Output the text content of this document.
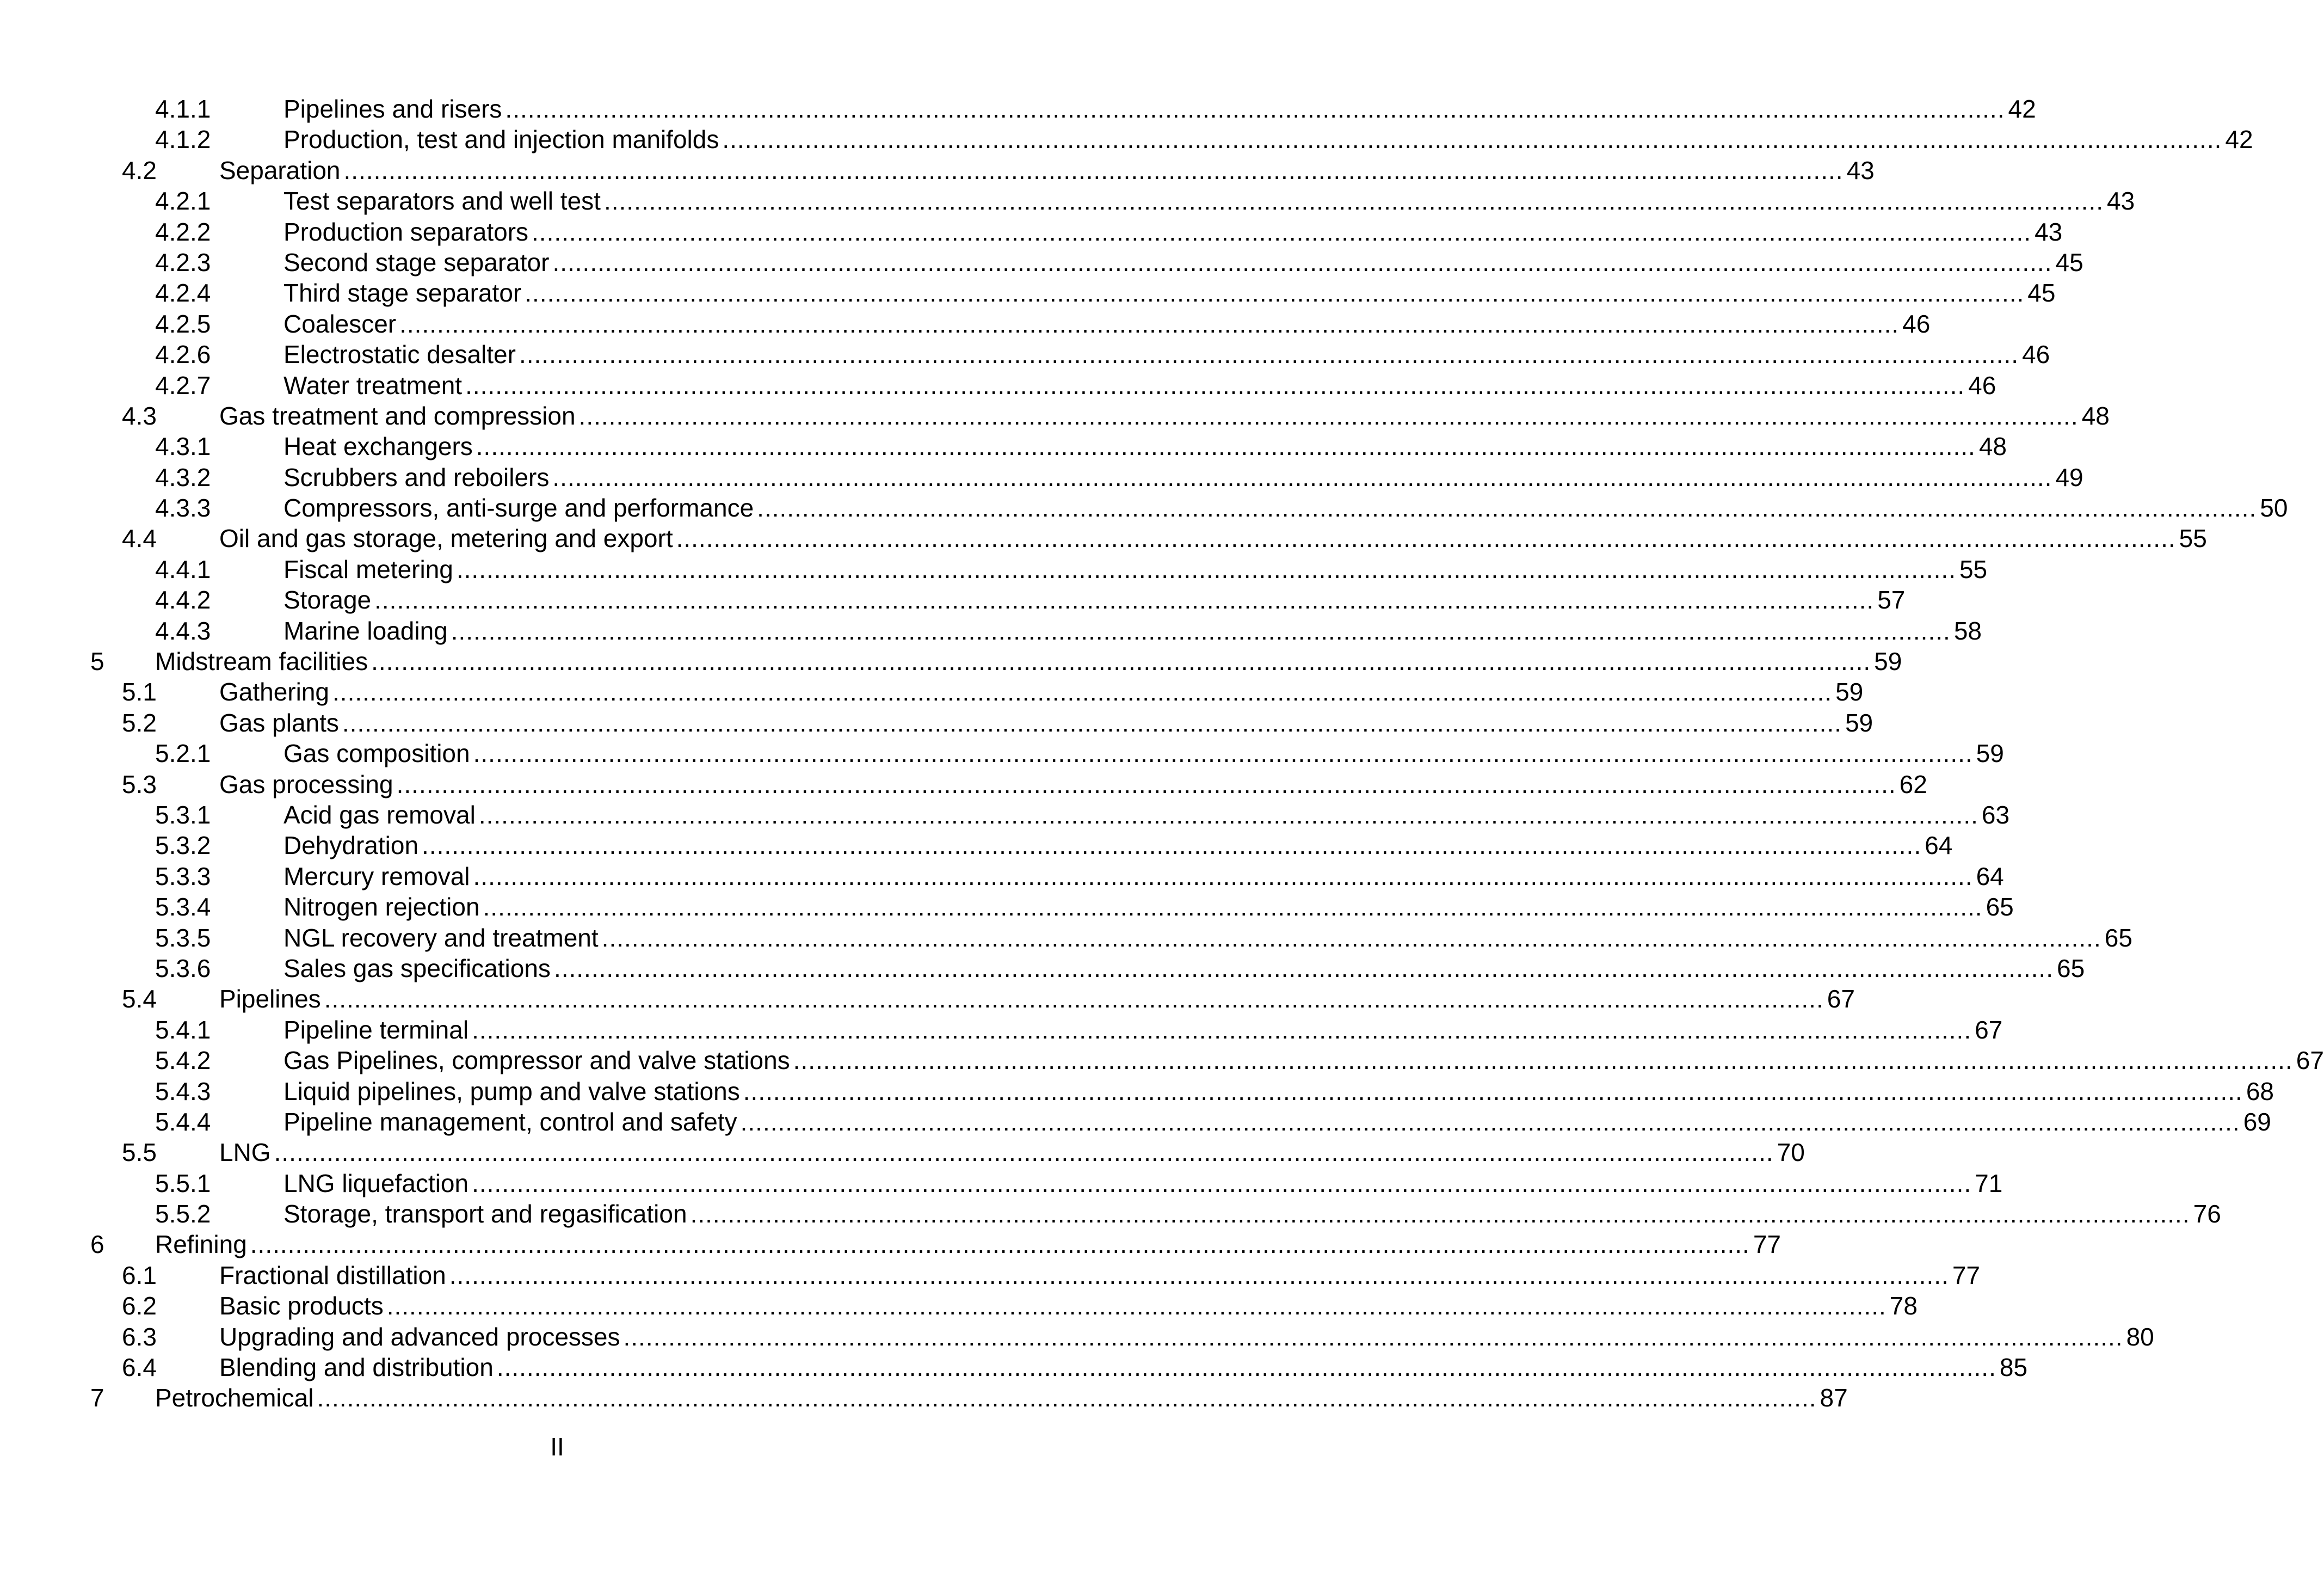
4.1.1	Pipelines and risers ........................................................................................................................................................................................................ 42
4.1.2	Production, test and injection manifolds ........................................................................................................................................................................................................ 42
4.2	Separation ........................................................................................................................................................................................................ 43
4.2.1	Test separators and well test ........................................................................................................................................................................................................ 43
4.2.2	Production separators ........................................................................................................................................................................................................ 43
4.2.3	Second stage separator ........................................................................................................................................................................................................ 45
4.2.4	Third stage separator ........................................................................................................................................................................................................ 45
4.2.5	Coalescer ........................................................................................................................................................................................................ 46
4.2.6	Electrostatic desalter ........................................................................................................................................................................................................ 46
4.2.7	Water treatment ........................................................................................................................................................................................................ 46
4.3	Gas treatment and compression ........................................................................................................................................................................................................ 48
4.3.1	Heat exchangers ........................................................................................................................................................................................................ 48
4.3.2	Scrubbers and reboilers ........................................................................................................................................................................................................ 49
4.3.3	Compressors, anti-surge and performance ........................................................................................................................................................................................................ 50
4.4	Oil and gas storage, metering and export ........................................................................................................................................................................................................ 55
4.4.1	Fiscal metering ........................................................................................................................................................................................................ 55
4.4.2	Storage ........................................................................................................................................................................................................ 57
4.4.3	Marine loading ........................................................................................................................................................................................................ 58
5 Midstream facilities ........................................................................................................................................................................................................ 59
5.1	Gathering ........................................................................................................................................................................................................ 59
5.2	Gas plants ........................................................................................................................................................................................................ 59
5.2.1	Gas composition ........................................................................................................................................................................................................ 59
5.3	Gas processing ........................................................................................................................................................................................................ 62
5.3.1	Acid gas removal ........................................................................................................................................................................................................ 63
5.3.2	Dehydration ........................................................................................................................................................................................................ 64
5.3.3	Mercury removal ........................................................................................................................................................................................................ 64
5.3.4	Nitrogen rejection ........................................................................................................................................................................................................ 65
5.3.5	NGL recovery and treatment ........................................................................................................................................................................................................ 65
5.3.6	Sales gas specifications ........................................................................................................................................................................................................ 65
5.4	Pipelines ........................................................................................................................................................................................................ 67
5.4.1	Pipeline terminal ........................................................................................................................................................................................................ 67
5.4.2	Gas Pipelines, compressor and valve stations ........................................................................................................................................................................................................ 67
5.4.3	Liquid pipelines, pump and valve stations ........................................................................................................................................................................................................ 68
5.4.4	Pipeline management, control and safety ........................................................................................................................................................................................................ 69
5.5	LNG ........................................................................................................................................................................................................ 70
5.5.1	LNG liquefaction ........................................................................................................................................................................................................ 71
5.5.2	Storage, transport and regasification ........................................................................................................................................................................................................ 76
6 Refining ........................................................................................................................................................................................................ 77
6.1	Fractional distillation ........................................................................................................................................................................................................ 77
6.2	Basic products ........................................................................................................................................................................................................ 78
6.3	Upgrading and advanced processes ........................................................................................................................................................................................................ 80
6.4	Blending and distribution ........................................................................................................................................................................................................ 85
7 Petrochemical ........................................................................................................................................................................................................ 87
II
